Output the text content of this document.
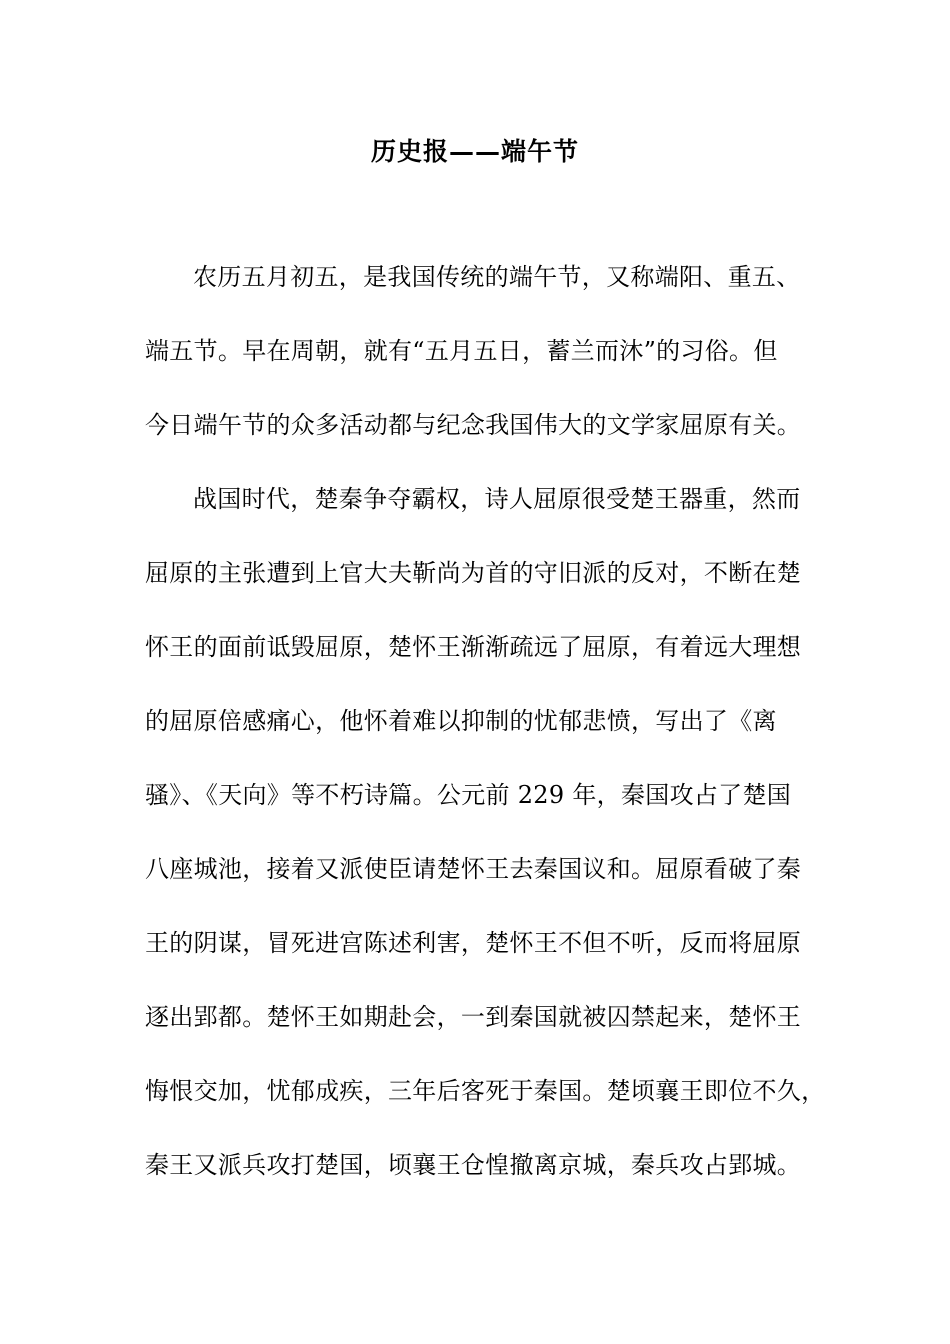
历史报——端午节
农历五月初五，是我国传统的端午节，又称端阳、重五、
端五节。早在周朝，就有“五月五日，蓄兰而沐”的习俗。但
今日端午节的众多活动都与纪念我国伟大的文学家屈原有关。
战国时代，楚秦争夺霸权，诗人屈原很受楚王器重，然而
屈原的主张遭到上官大夫靳尚为首的守旧派的反对，不断在楚
怀王的面前诋毁屈原，楚怀王渐渐疏远了屈原，有着远大理想
的屈原倍感痛心，他怀着难以抑制的忧郁悲愤，写出了《离
骚》、《天向》等不朽诗篇。公元前 229 年，秦国攻占了楚国
八座城池，接着又派使臣请楚怀王去秦国议和。屈原看破了秦
王的阴谋，冒死进宫陈述利害，楚怀王不但不听，反而将屈原
逐出郢都。楚怀王如期赴会，一到秦国就被囚禁起来，楚怀王
悔恨交加，忧郁成疾，三年后客死于秦国。楚顷襄王即位不久，
秦王又派兵攻打楚国，顷襄王仓惶撤离京城，秦兵攻占郢城。
